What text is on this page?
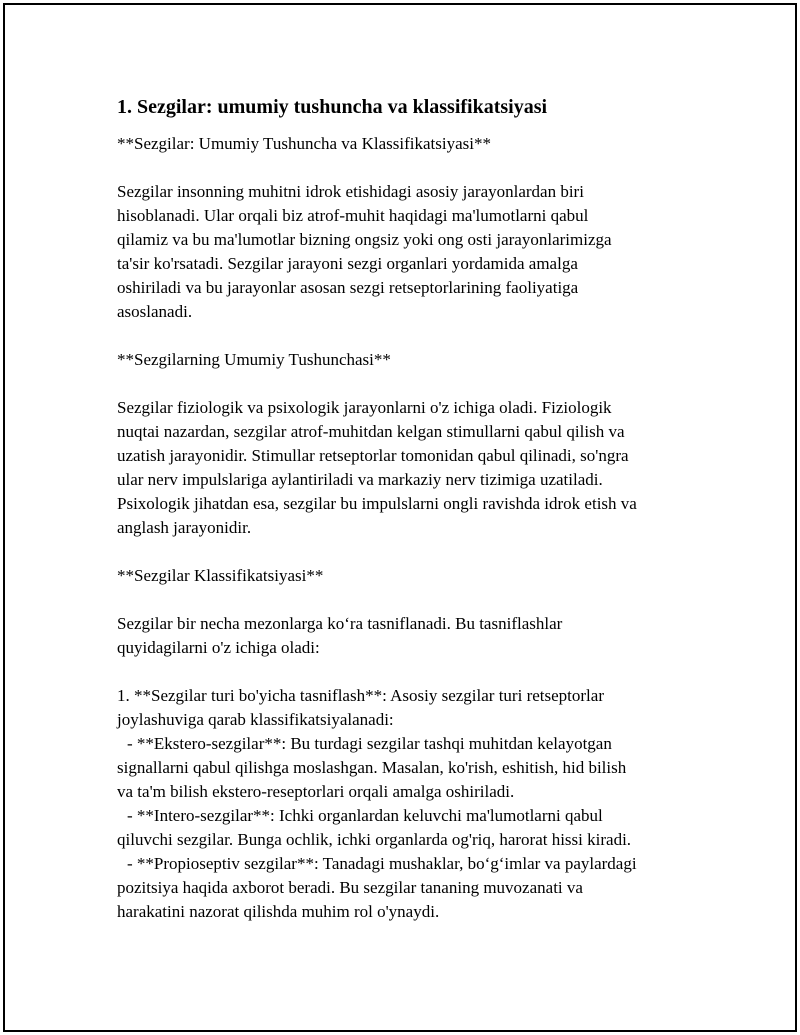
1. Sezgilar: umumiy tushuncha va klassifikatsiyasi

**Sezgilar: Umumiy Tushuncha va Klassifikatsiyasi**

Sezgilar insonning muhitni idrok etishidagi asosiy jarayonlardan biri
hisoblanadi. Ular orqali biz atrof-muhit haqidagi ma'lumotlarni qabul
qilamiz va bu ma'lumotlar bizning ongsiz yoki ong osti jarayonlarimizga
ta'sir ko'rsatadi. Sezgilar jarayoni sezgi organlari yordamida amalga
oshiriladi va bu jarayonlar asosan sezgi retseptorlarining faoliyatiga
asoslanadi.

**Sezgilarning Umumiy Tushunchasi**

Sezgilar fiziologik va psixologik jarayonlarni o'z ichiga oladi. Fiziologik
nuqtai nazardan, sezgilar atrof-muhitdan kelgan stimullarni qabul qilish va
uzatish jarayonidir. Stimullar retseptorlar tomonidan qabul qilinadi, so'ngra
ular nerv impulslariga aylantiriladi va markaziy nerv tizimiga uzatiladi.
Psixologik jihatdan esa, sezgilar bu impulslarni ongli ravishda idrok etish va
anglash jarayonidir.

**Sezgilar Klassifikatsiyasi**

Sezgilar bir necha mezonlarga ko‘ra tasniflanadi. Bu tasniflashlar
quyidagilarni o'z ichiga oladi:
1. **Sezgilar turi bo'yicha tasniflash**: Asosiy sezgilar turi retseptorlar
joylashuviga qarab klassifikatsiyalanadi:
- **Ekstero-sezgilar**: Bu turdagi sezgilar tashqi muhitdan kelayotgan
signallarni qabul qilishga moslashgan. Masalan, ko'rish, eshitish, hid bilish
va ta'm bilish ekstero-reseptorlari orqali amalga oshiriladi.
- **Intero-sezgilar**: Ichki organlardan keluvchi ma'lumotlarni qabul
qiluvchi sezgilar. Bunga ochlik, ichki organlarda og'riq, harorat hissi kiradi.
- **Propioseptiv sezgilar**: Tanadagi mushaklar, bo‘g‘imlar va paylardagi
pozitsiya haqida axborot beradi. Bu sezgilar tananing muvozanati va
harakatini nazorat qilishda muhim rol o'ynaydi.
